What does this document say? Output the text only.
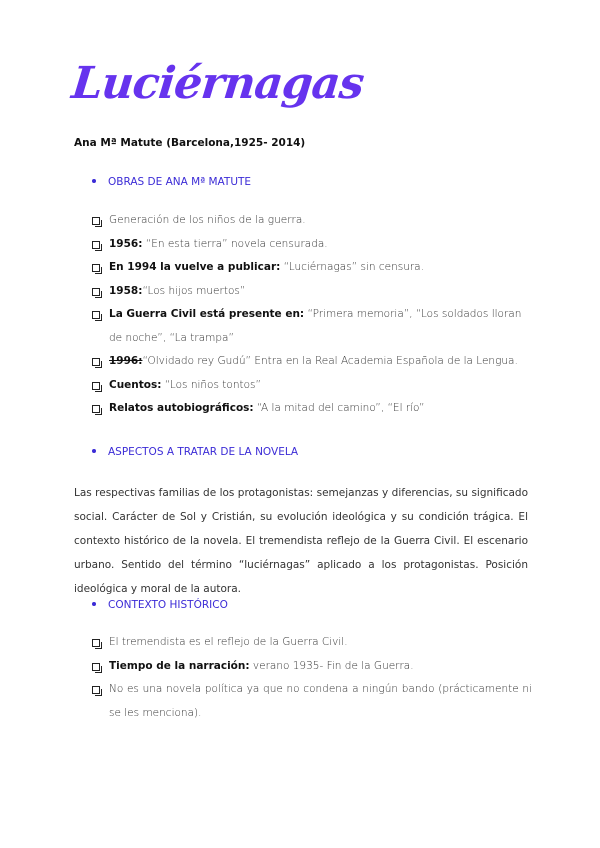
Luciérnagas
Ana Mª Matute (Barcelona,1925- 2014)
OBRAS DE ANA Mª MATUTE
Generación de los niños de la guerra.
1956: “En esta tierra” novela censurada.
En 1994 la vuelve a publicar: “Luciérnagas” sin censura.
1958:“Los hijos muertos”
La Guerra Civil está presente en: “Primera memoria”, “Los soldados lloran de noche”, “La trampa”
1996:“Olvidado rey Gudú” Entra en la Real Academia Española de la Lengua.
Cuentos: “Los niños tontos”
Relatos autobiográficos: “A la mitad del camino”, “El río”
ASPECTOS A TRATAR DE LA NOVELA
Las respectivas familias de los protagonistas: semejanzas y diferencias, su significado social. Carácter de Sol y Cristián, su evolución ideológica y su condición trágica. El contexto histórico de la novela. El tremendista reflejo de la Guerra Civil. El escenario urbano. Sentido del término “luciérnagas” aplicado a los protagonistas. Posición ideológica y moral de la autora.
CONTEXTO HISTÓRICO
El tremendista es el reflejo de la Guerra Civil.
Tiempo de la narración: verano 1935- Fin de la Guerra.
No es una novela política ya que no condena a ningún bando (prácticamente ni se les menciona).
